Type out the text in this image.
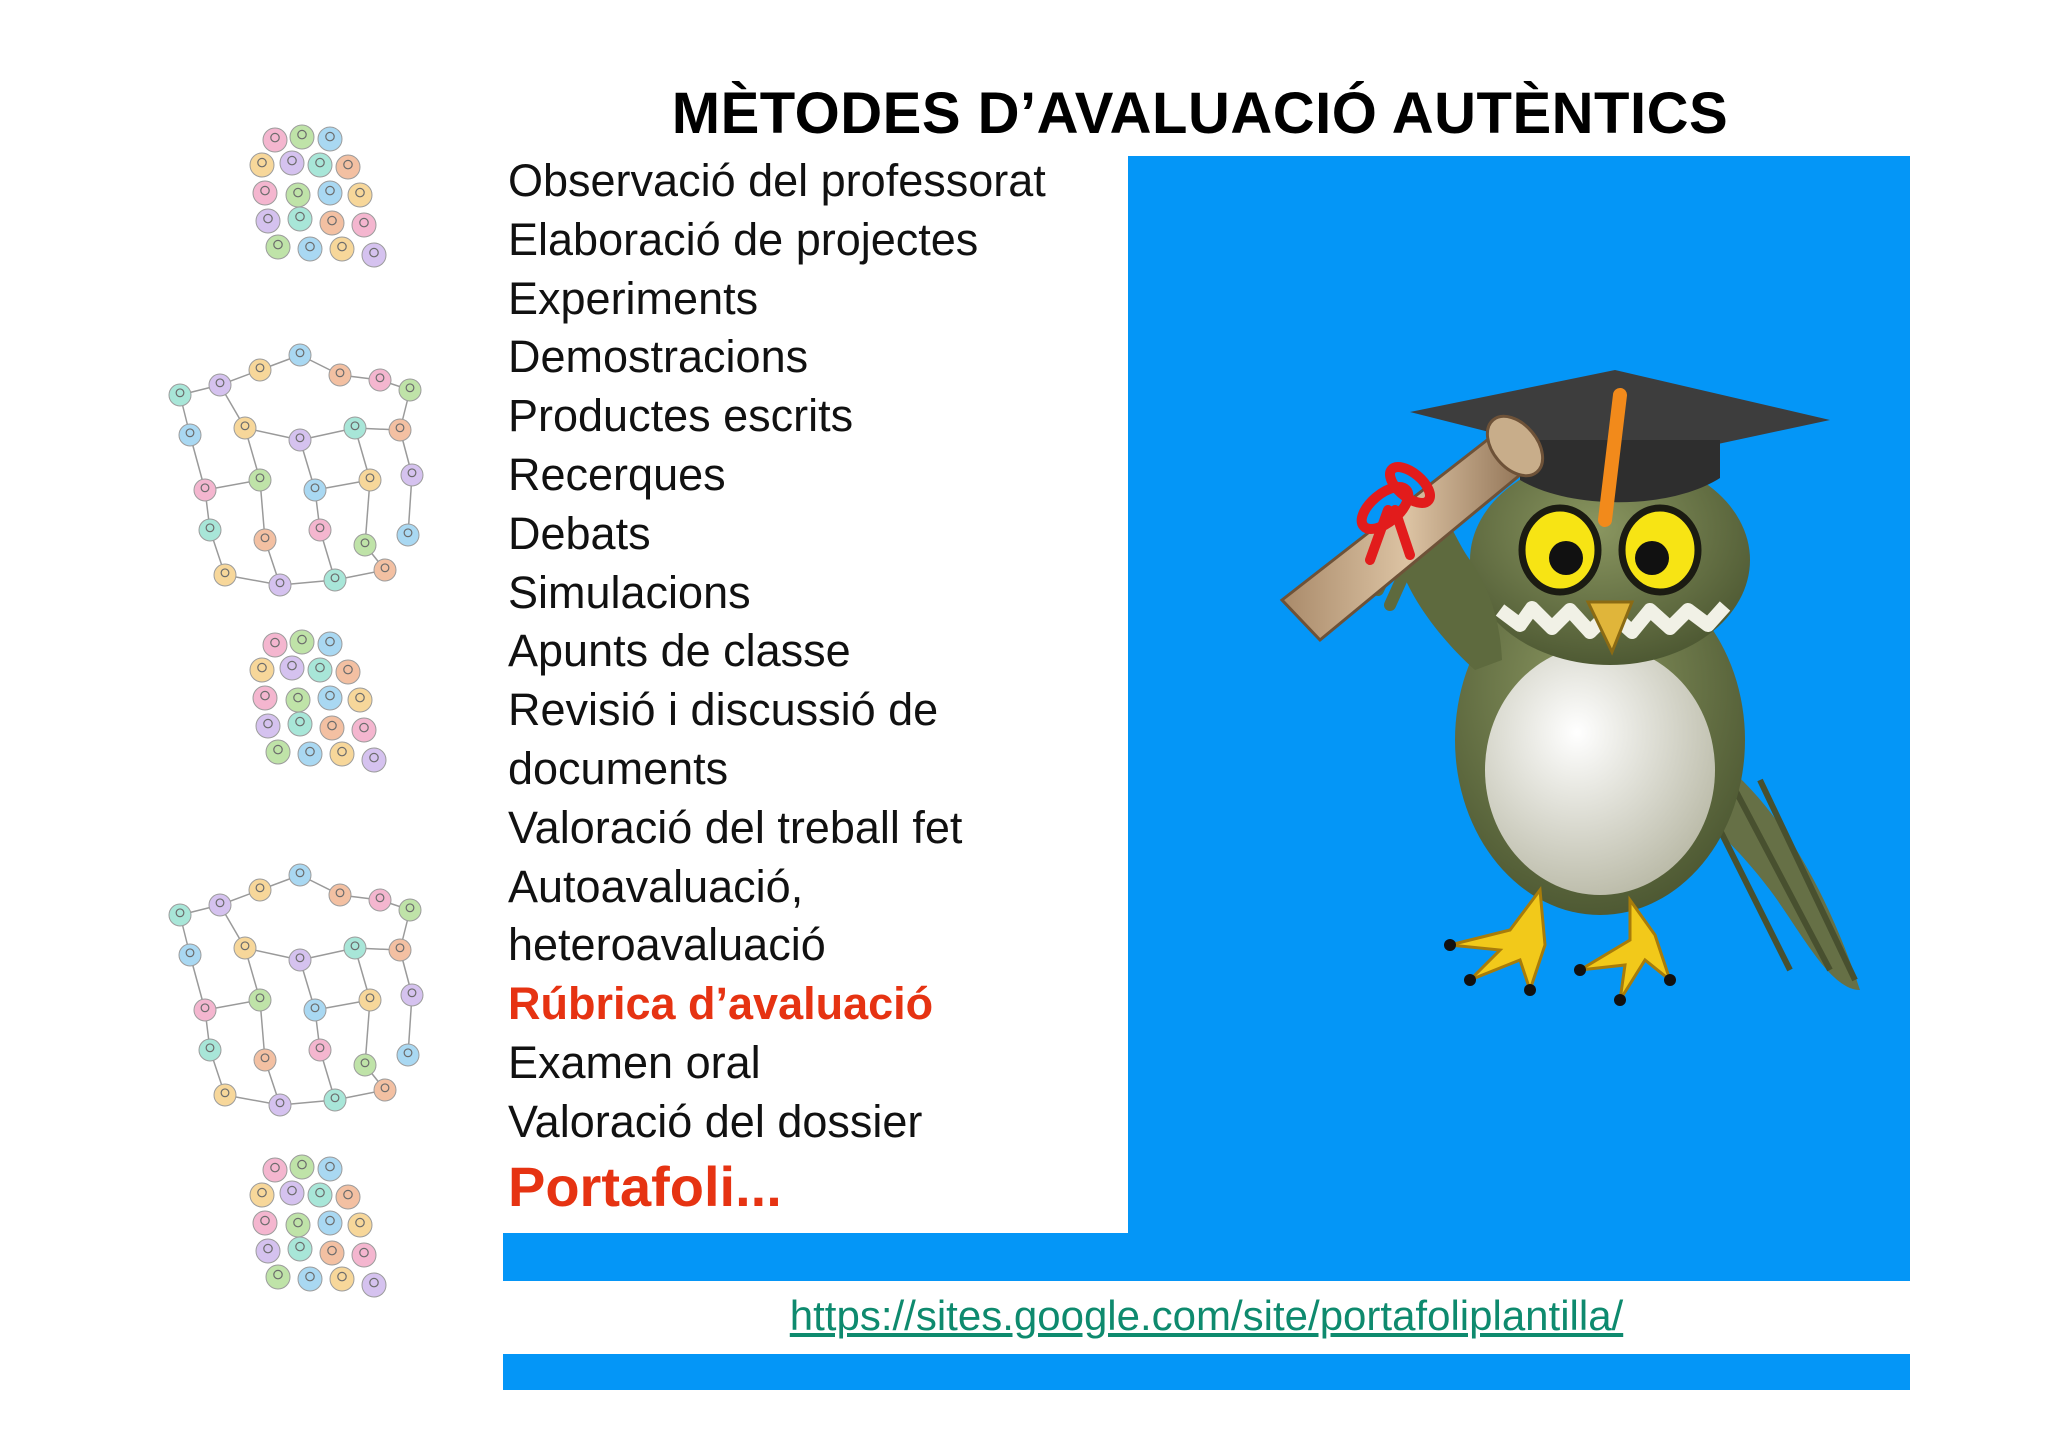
MÈTODES D’AVALUACIÓ AUTÈNTICS
Observació del professorat
Elaboració de projectes
Experiments
Demostracions
Productes escrits
Recerques
Debats
Simulacions
Apunts de classe
Revisió i discussió de
documents
Valoració del treball fet
Autoavaluació,
heteroavaluació
Rúbrica d’avaluació
Examen oral
Valoració del dossier
Portafoli...
https://sites.google.com/site/portafoliplantilla/
